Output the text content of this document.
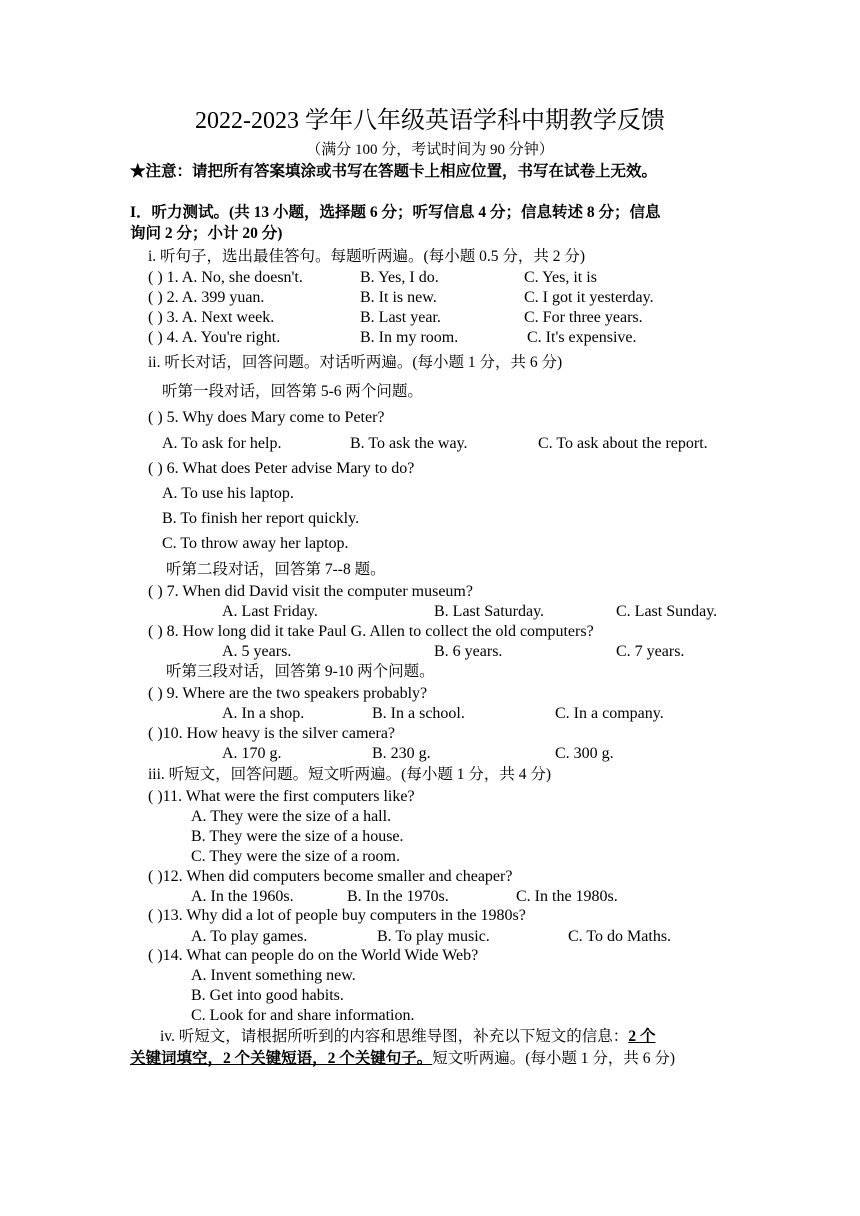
2022-2023 学年八年级英语学科中期教学反馈
（满分 100 分，考试时间为 90 分钟）
★注意：请把所有答案填涂或书写在答题卡上相应位置，书写在试卷上无效。
I．听力测试。(共 13 小题，选择题 6 分；听写信息 4 分；信息转述 8 分；信息
询问 2 分；小计 20 分)
i. 听句子，选出最佳答句。每题听两遍。(每小题 0.5 分，共 2 分)
( ) 1. A. No, she doesn't.	B. Yes, I do.	C. Yes, it is
( ) 2. A. 399 yuan.	B. It is new.	C. I got it yesterday.
( ) 3. A. Next week.	B. Last year.	C. For three years.
( ) 4. A. You're right.	B. In my room.	C. It's expensive.
ii. 听长对话，回答问题。对话听两遍。(每小题 1 分，共 6 分)
听第一段对话，回答第 5-6 两个问题。
( ) 5. Why does Mary come to Peter?
A. To ask for help.	B. To ask the way.	C. To ask about the report.
( ) 6. What does Peter advise Mary to do?
A. To use his laptop.
B. To finish her report quickly.
C. To throw away her laptop.
听第二段对话，回答第 7--8 题。
( ) 7. When did David visit the computer museum?
A. Last Friday.	B. Last Saturday.	C. Last Sunday.
( ) 8. How long did it take Paul G. Allen to collect the old computers?
A. 5 years.	B. 6 years.	C. 7 years.
听第三段对话，回答第 9-10 两个问题。
( ) 9. Where are the two speakers probably?
A. In a shop.	B. In a school.	C. In a company.
( )10. How heavy is the silver camera?
A. 170 g.	B. 230 g.	C. 300 g.
iii. 听短文，回答问题。短文听两遍。(每小题 1 分，共 4 分)
( )11. What were the first computers like?
A. They were the size of a hall.
B. They were the size of a house.
C. They were the size of a room.
( )12. When did computers become smaller and cheaper?
A. In the 1960s.	B. In the 1970s.	C. In the 1980s.
( )13. Why did a lot of people buy computers in the 1980s?
A. To play games.	B. To play music.	C. To do Maths.
( )14. What can people do on the World Wide Web?
A. Invent something new.
B. Get into good habits.
C. Look for and share information.
iv. 听短文，请根据所听到的内容和思维导图，补充以下短文的信息：2 个
关键词填空，2 个关键短语，2 个关键句子。短文听两遍。(每小题 1 分，共 6 分)
